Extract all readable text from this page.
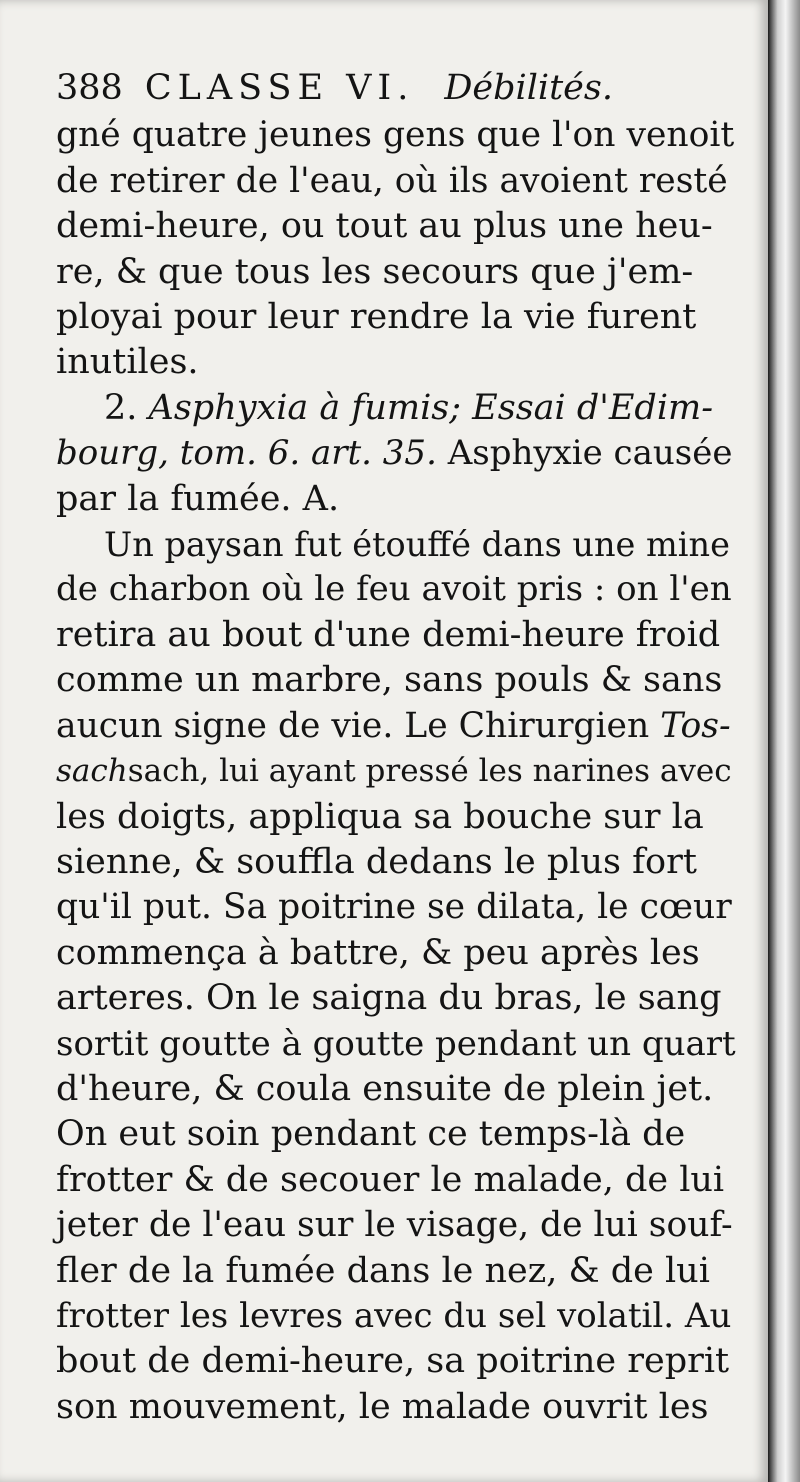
388 CLASSE VI. Débilités.
gné quatre jeunes gens que l'on venoit
de retirer de l'eau, où ils avoient resté
demi-heure, ou tout au plus une heu-
re, & que tous les secours que j'em-
ployai pour leur rendre la vie furent
inutiles.
2.
Asphyxia à fumis; Essai d'Edim-
bourg, tom. 6. art. 35.
Asphyxie causée
par la fumée. A.
Un paysan fut étouffé dans une mine
de charbon où le feu avoit pris : on l'en
retira au bout d'une demi-heure froid
comme un marbre, sans pouls & sans
aucun signe de vie. Le Chirurgien
Tos-
sach sach, lui ayant pressé les narines avec
les doigts, appliqua sa bouche sur la
sienne, & souffla dedans le plus fort
qu'il put. Sa poitrine se dilata, le cœur
commença à battre, & peu après les
arteres. On le saigna du bras, le sang
sortit goutte à goutte pendant un quart
d'heure, & coula ensuite de plein jet.
On eut soin pendant ce temps-là de
frotter & de secouer le malade, de lui
jeter de l'eau sur le visage, de lui souf-
fler de la fumée dans le nez, & de lui
frotter les levres avec du sel volatil. Au
bout de demi-heure, sa poitrine reprit
son mouvement, le malade ouvrit les
